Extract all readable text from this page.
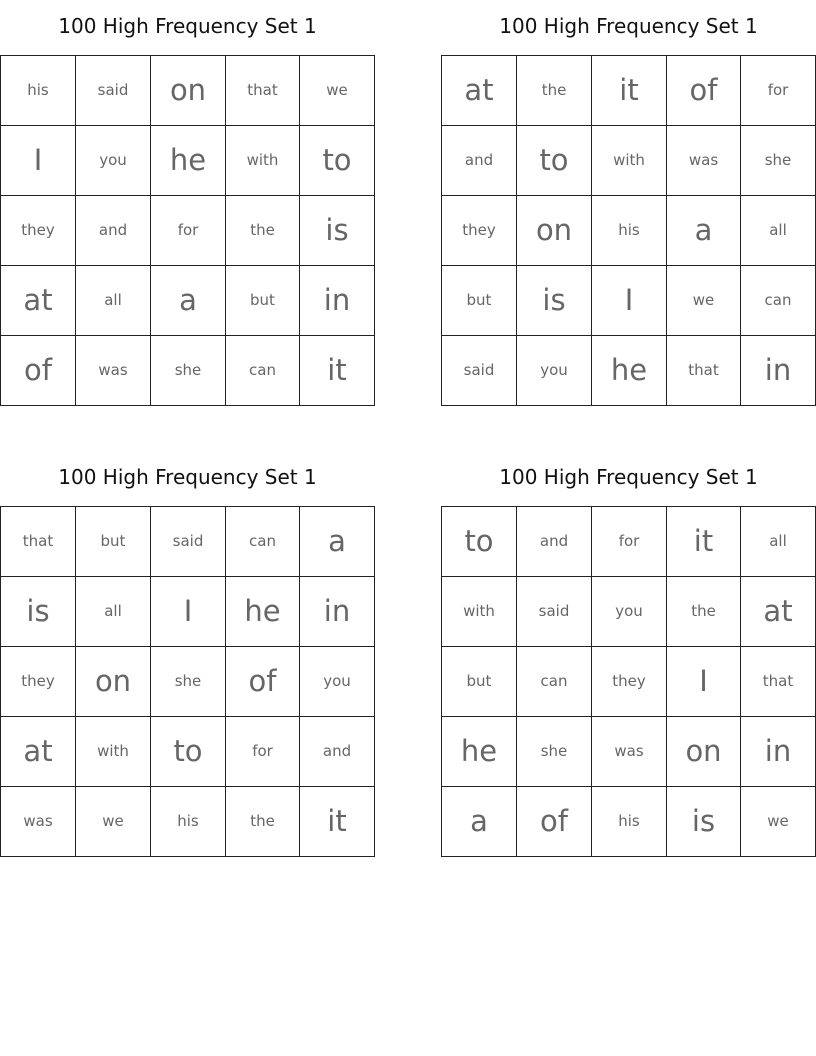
100 High Frequency Set 1
his	said	on	that	we
I	you	he	with	to
they	and	for	the	is
at	all	a	but	in
of	was	she	can	it
100 High Frequency Set 1
at	the	it	of	for
and	to	with	was	she
they	on	his	a	all
but	is	I	we	can
said	you	he	that	in
100 High Frequency Set 1
that	but	said	can	a
is	all	I	he	in
they	on	she	of	you
at	with	to	for	and
was	we	his	the	it
100 High Frequency Set 1
to	and	for	it	all
with	said	you	the	at
but	can	they	I	that
he	she	was	on	in
a	of	his	is	we
